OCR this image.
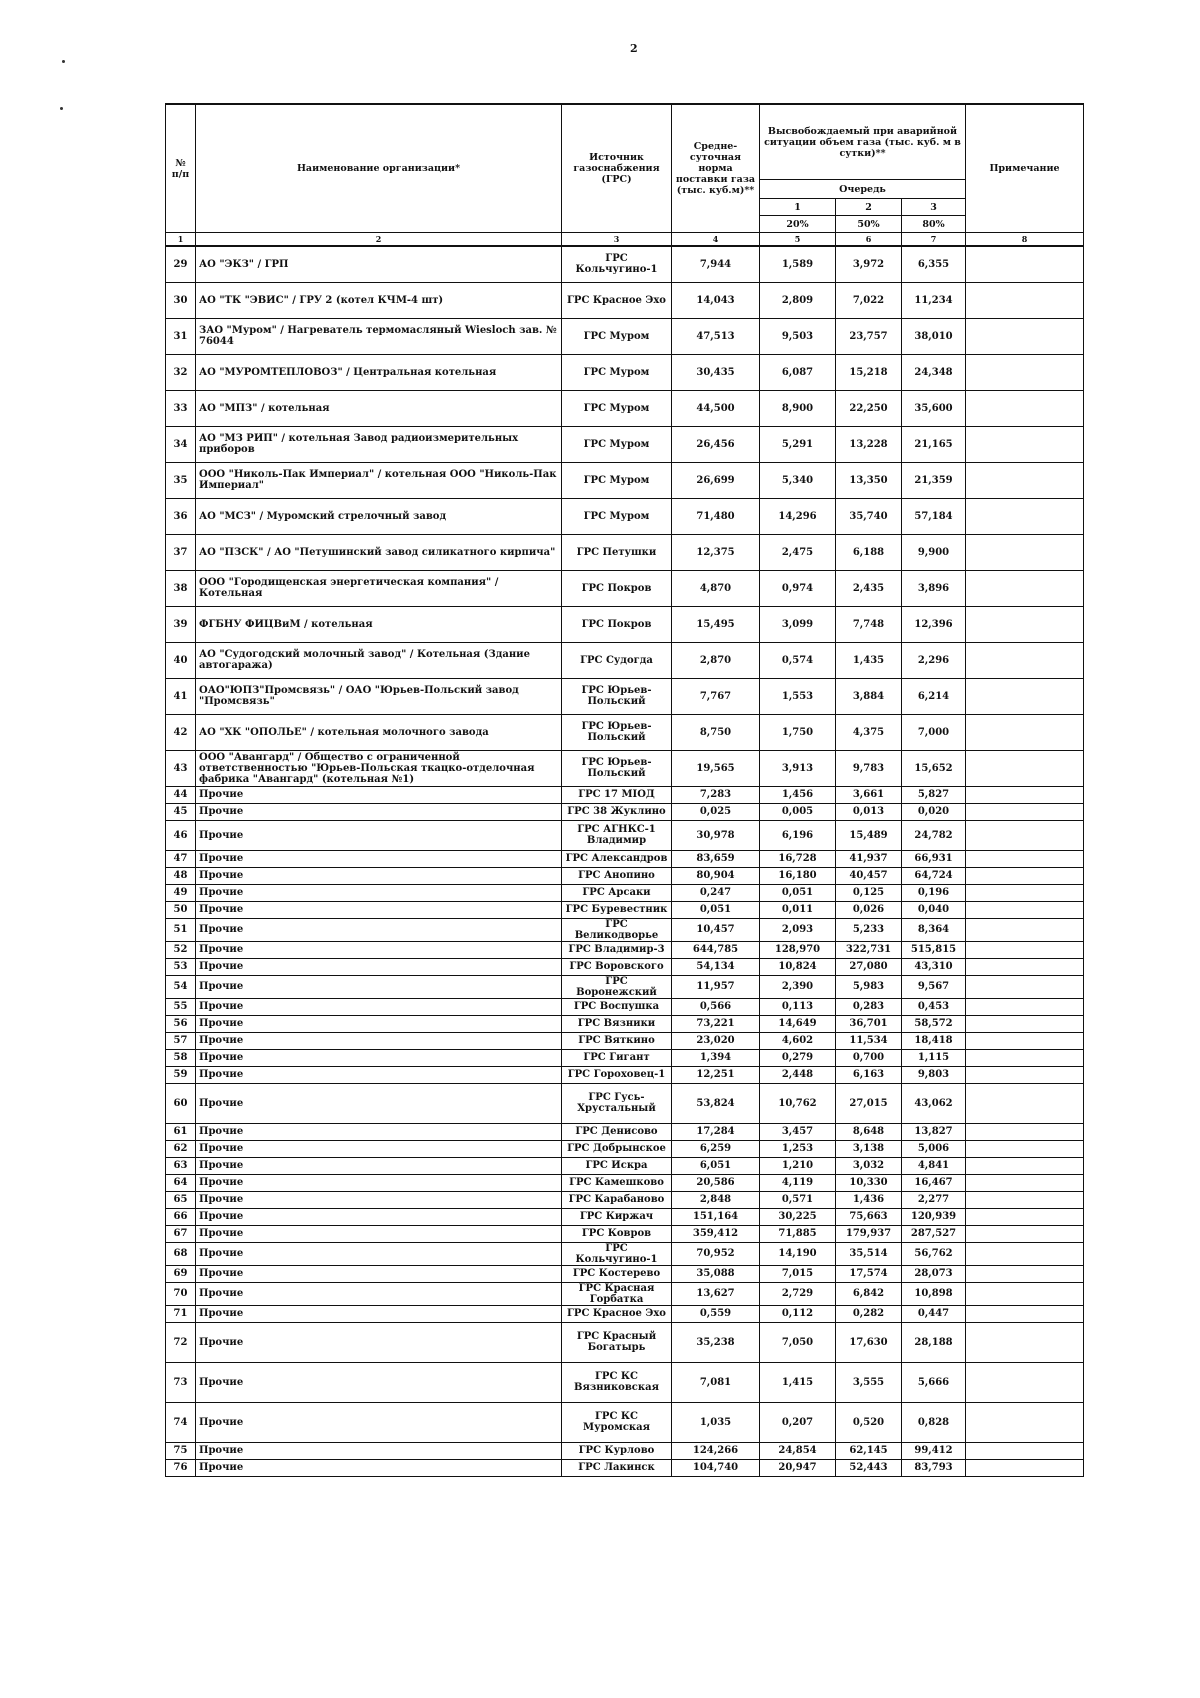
2
№ п/п	Наименование организации*	Источник газоснабжения (ГРС)	Средне-суточная норма поставки газа (тыс. куб.м)**	Высвобождаемый при аварийной ситуации объем газа (тыс. куб. м в сутки)**			Примечание
				Очередь			
				1	2	3	
				20%	50%	80%	
1	2	3	4	5	6	7	8
29	АО "ЭКЗ" / ГРП	ГРС Кольчугино-1	7,944	1,589	3,972	6,355	
30	АО "ТК "ЭВИС" / ГРУ 2 (котел КЧМ-4 шт)	ГРС Красное Эхо	14,043	2,809	7,022	11,234	
31	ЗАО "Муром" / Нагреватель термомасляный Wiesloch зав. № 76044	ГРС Муром	47,513	9,503	23,757	38,010	
32	АО "МУРОМТЕПЛОВОЗ" / Центральная котельная	ГРС Муром	30,435	6,087	15,218	24,348	
33	АО "МПЗ" / котельная	ГРС Муром	44,500	8,900	22,250	35,600	
34	АО "МЗ РИП" / котельная Завод радиоизмерительных приборов	ГРС Муром	26,456	5,291	13,228	21,165	
35	ООО "Николь-Пак Империал" / котельная ООО "Николь-Пак Империал"	ГРС Муром	26,699	5,340	13,350	21,359	
36	АО "МСЗ" / Муромский стрелочный завод	ГРС Муром	71,480	14,296	35,740	57,184	
37	АО "ПЗСК" / АО "Петушинский завод силикатного кирпича"	ГРС Петушки	12,375	2,475	6,188	9,900	
38	ООО "Городищенская энергетическая компания" / Котельная	ГРС Покров	4,870	0,974	2,435	3,896	
39	ФГБНУ ФИЦВиМ / котельная	ГРС Покров	15,495	3,099	7,748	12,396	
40	АО "Судогодский молочный завод" / Котельная (Здание автогаража)	ГРС Судогда	2,870	0,574	1,435	2,296	
41	ОАО"ЮПЗ"Промсвязь" / ОАО "Юрьев-Польский завод "Промсвязь"	ГРС Юрьев-Польский	7,767	1,553	3,884	6,214	
42	АО "ХК "ОПОЛЬЕ" / котельная молочного завода	ГРС Юрьев-Польский	8,750	1,750	4,375	7,000	
43	ООО "Авангард" / Общество с ограниченной ответственностью "Юрьев-Польская ткацко-отделочная фабрика "Авангард" (котельная №1)	ГРС Юрьев-Польский	19,565	3,913	9,783	15,652	
44	Прочие	ГРС 17 МІОД	7,283	1,456	3,661	5,827	
45	Прочие	ГРС 38 Жуклино	0,025	0,005	0,013	0,020	
46	Прочие	ГРС АГНКС-1 Владимир	30,978	6,196	15,489	24,782	
47	Прочие	ГРС Александров	83,659	16,728	41,937	66,931	
48	Прочие	ГРС Анопино	80,904	16,180	40,457	64,724	
49	Прочие	ГРС Арсаки	0,247	0,051	0,125	0,196	
50	Прочие	ГРС Буревестник	0,051	0,011	0,026	0,040	
51	Прочие	ГРС Великодворье	10,457	2,093	5,233	8,364	
52	Прочие	ГРС Владимир-3	644,785	128,970	322,731	515,815	
53	Прочие	ГРС Воровского	54,134	10,824	27,080	43,310	
54	Прочие	ГРС Воронежский	11,957	2,390	5,983	9,567	
55	Прочие	ГРС Воспушка	0,566	0,113	0,283	0,453	
56	Прочие	ГРС Вязники	73,221	14,649	36,701	58,572	
57	Прочие	ГРС Вяткино	23,020	4,602	11,534	18,418	
58	Прочие	ГРС Гигант	1,394	0,279	0,700	1,115	
59	Прочие	ГРС Гороховец-1	12,251	2,448	6,163	9,803	
60	Прочие	ГРС Гусь-Хрустальный	53,824	10,762	27,015	43,062	
61	Прочие	ГРС Денисово	17,284	3,457	8,648	13,827	
62	Прочие	ГРС Добрынское	6,259	1,253	3,138	5,006	
63	Прочие	ГРС Искра	6,051	1,210	3,032	4,841	
64	Прочие	ГРС Камешково	20,586	4,119	10,330	16,467	
65	Прочие	ГРС Карабаново	2,848	0,571	1,436	2,277	
66	Прочие	ГРС Киржач	151,164	30,225	75,663	120,939	
67	Прочие	ГРС Ковров	359,412	71,885	179,937	287,527	
68	Прочие	ГРС Кольчугино-1	70,952	14,190	35,514	56,762	
69	Прочие	ГРС Костерево	35,088	7,015	17,574	28,073	
70	Прочие	ГРС Красная Горбатка	13,627	2,729	6,842	10,898	
71	Прочие	ГРС Красное Эхо	0,559	0,112	0,282	0,447	
72	Прочие	ГРС Красный Богатырь	35,238	7,050	17,630	28,188	
73	Прочие	ГРС КС Вязниковская	7,081	1,415	3,555	5,666	
74	Прочие	ГРС КС Муромская	1,035	0,207	0,520	0,828	
75	Прочие	ГРС Курлово	124,266	24,854	62,145	99,412	
76	Прочие	ГРС Лакинск	104,740	20,947	52,443	83,793	
